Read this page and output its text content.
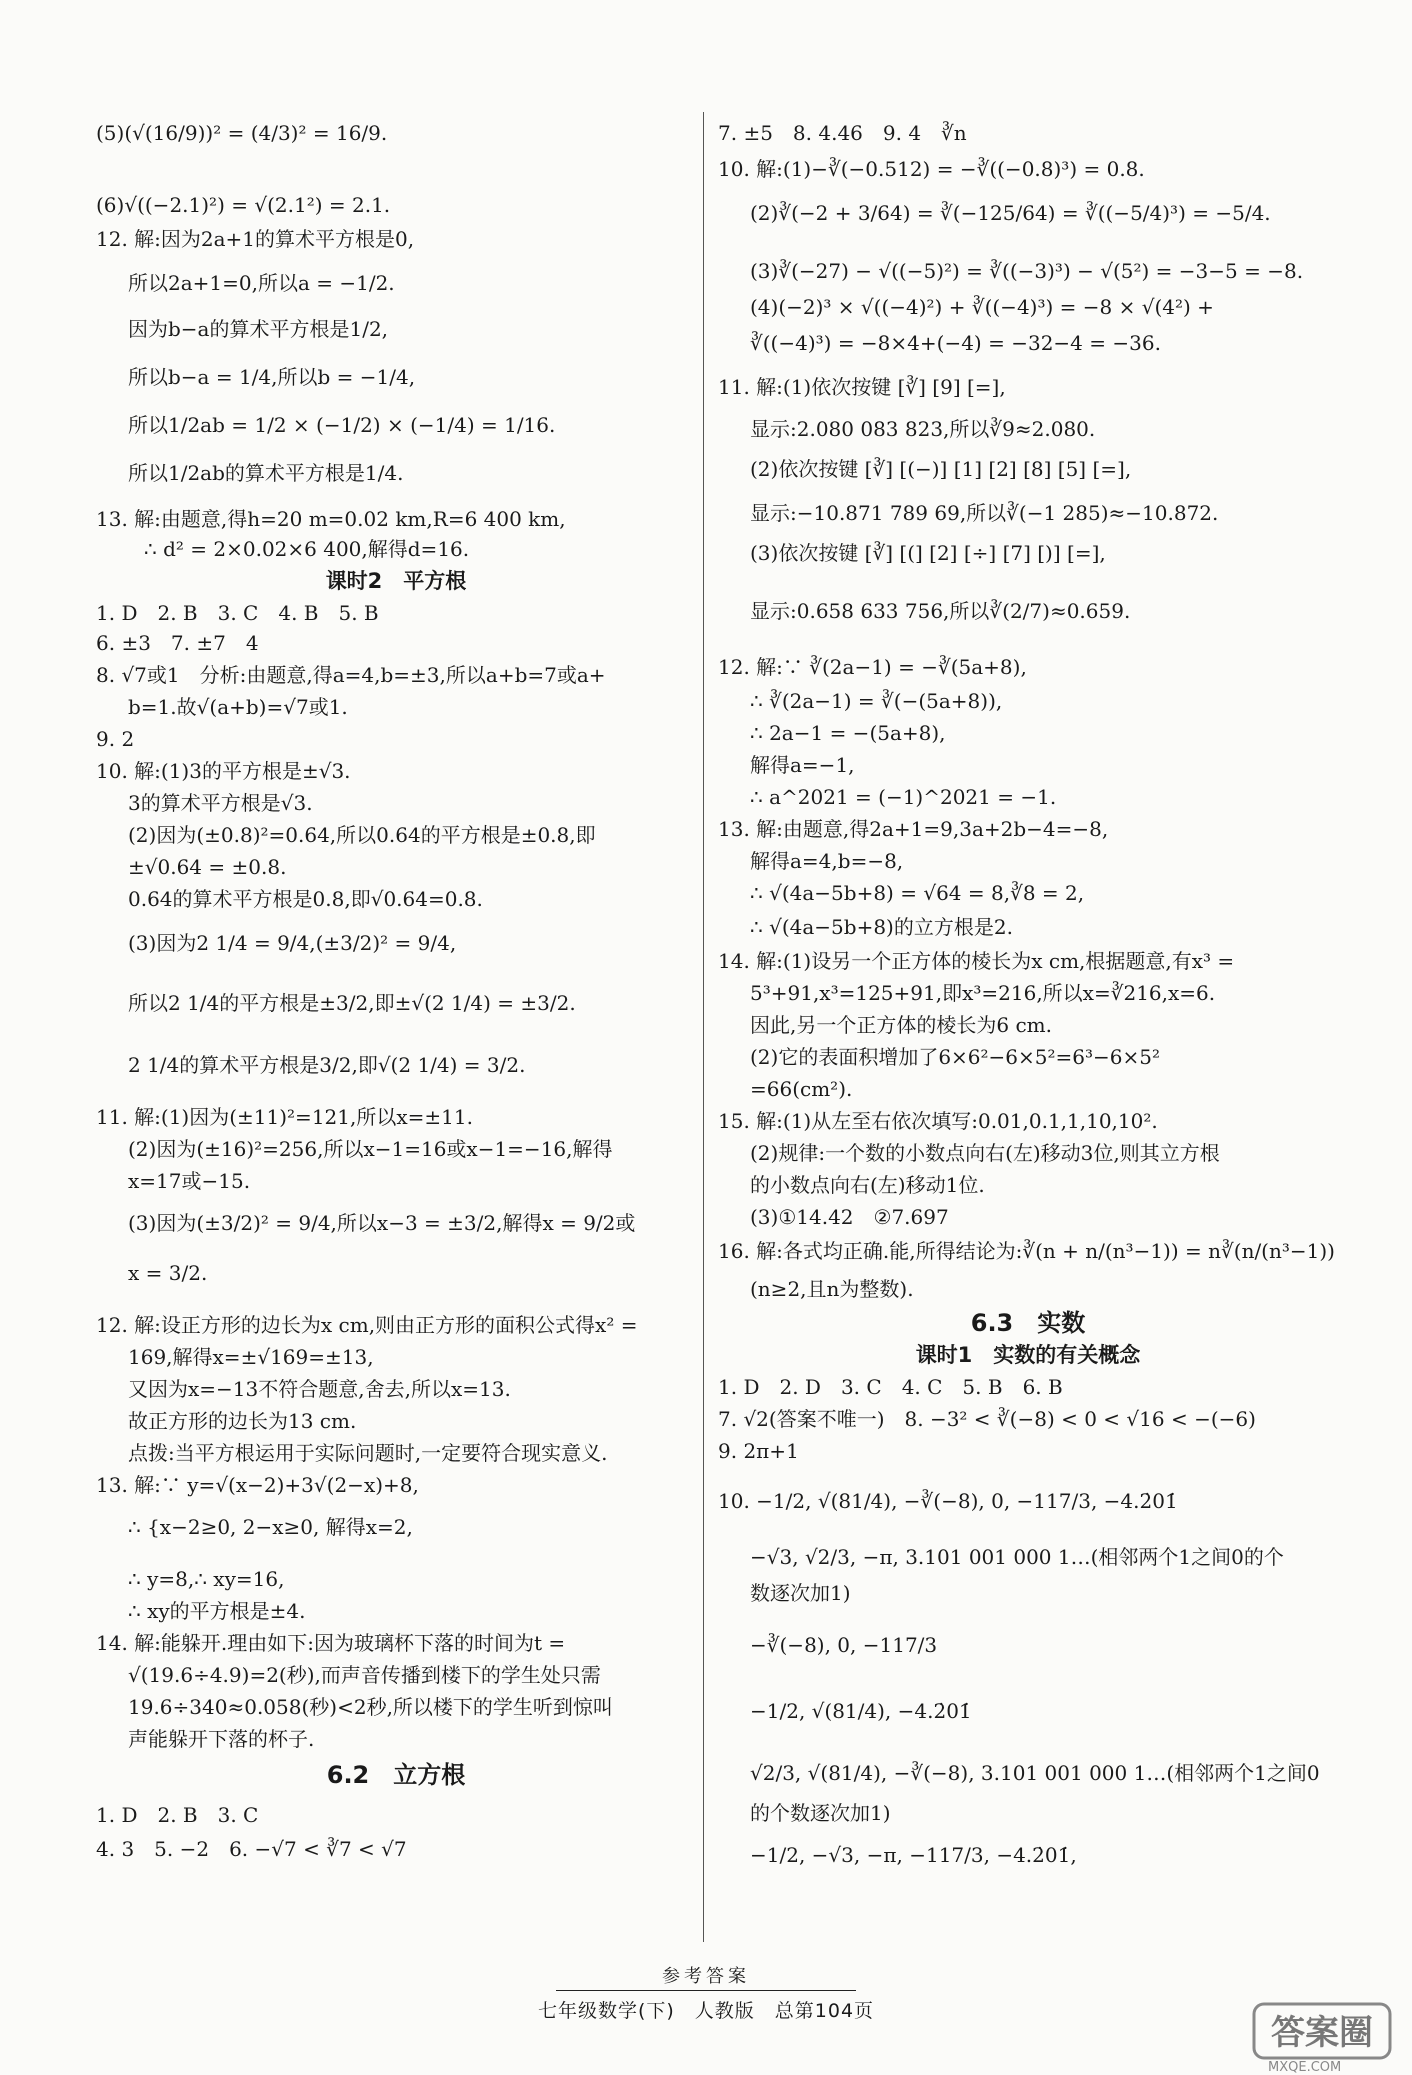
(5)(√(16/9))² = (4/3)² = 16/9.
(6)√((−2.1)²) = √(2.1²) = 2.1.
12. 解:因为2a+1的算术平方根是0,
所以2a+1=0,所以a = −1/2.
因为b−a的算术平方根是1/2,
所以b−a = 1/4,所以b = −1/4,
所以1/2ab = 1/2 × (−1/2) × (−1/4) = 1/16.
所以1/2ab的算术平方根是1/4.
13. 解:由题意,得h=20 m=0.02 km,R=6 400 km,
∴ d² = 2×0.02×6 400,解得d=16.
课时2　平方根
1. D　2. B　3. C　4. B　5. B
6. ±3　7. ±7　4
8. √7或1　分析:由题意,得a=4,b=±3,所以a+b=7或a+
b=1.故√(a+b)=√7或1.
9. 2
10. 解:(1)3的平方根是±√3.
3的算术平方根是√3.
(2)因为(±0.8)²=0.64,所以0.64的平方根是±0.8,即
±√0.64 = ±0.8.
0.64的算术平方根是0.8,即√0.64=0.8.
(3)因为2 1/4 = 9/4,(±3/2)² = 9/4,
所以2 1/4的平方根是±3/2,即±√(2 1/4) = ±3/2.
2 1/4的算术平方根是3/2,即√(2 1/4) = 3/2.
11. 解:(1)因为(±11)²=121,所以x=±11.
(2)因为(±16)²=256,所以x−1=16或x−1=−16,解得
x=17或−15.
(3)因为(±3/2)² = 9/4,所以x−3 = ±3/2,解得x = 9/2或
x = 3/2.
12. 解:设正方形的边长为x cm,则由正方形的面积公式得x² =
169,解得x=±√169=±13,
又因为x=−13不符合题意,舍去,所以x=13.
故正方形的边长为13 cm.
点拨:当平方根运用于实际问题时,一定要符合现实意义.
13. 解:∵ y=√(x−2)+3√(2−x)+8,
∴ {x−2≥0, 2−x≥0, 解得x=2,
∴ y=8,∴ xy=16,
∴ xy的平方根是±4.
14. 解:能躲开.理由如下:因为玻璃杯下落的时间为t =
√(19.6÷4.9)=2(秒),而声音传播到楼下的学生处只需
19.6÷340≈0.058(秒)<2秒,所以楼下的学生听到惊叫
声能躲开下落的杯子.
6.2　立方根
1. D　2. B　3. C
4. 3　5. −2　6. −√7 < ∛7 < √7
7. ±5　8. 4.46　9. 4　∛n
10. 解:(1)−∛(−0.512) = −∛((−0.8)³) = 0.8.
(2)∛(−2 + 3/64) = ∛(−125/64) = ∛((−5/4)³) = −5/4.
(3)∛(−27) − √((−5)²) = ∛((−3)³) − √(5²) = −3−5 = −8.
(4)(−2)³ × √((−4)²) + ∛((−4)³) = −8 × √(4²) +
∛((−4)³) = −8×4+(−4) = −32−4 = −36.
11. 解:(1)依次按键 [∛] [9] [=],
显示:2.080 083 823,所以∛9≈2.080.
(2)依次按键 [∛] [(−)] [1] [2] [8] [5] [=],
显示:−10.871 789 69,所以∛(−1 285)≈−10.872.
(3)依次按键 [∛] [(] [2] [÷] [7] [)] [=],
显示:0.658 633 756,所以∛(2/7)≈0.659.
12. 解:∵ ∛(2a−1) = −∛(5a+8),
∴ ∛(2a−1) = ∛(−(5a+8)),
∴ 2a−1 = −(5a+8),
解得a=−1,
∴ a^2021 = (−1)^2021 = −1.
13. 解:由题意,得2a+1=9,3a+2b−4=−8,
解得a=4,b=−8,
∴ √(4a−5b+8) = √64 = 8,∛8 = 2,
∴ √(4a−5b+8)的立方根是2.
14. 解:(1)设另一个正方体的棱长为x cm,根据题意,有x³ =
5³+91,x³=125+91,即x³=216,所以x=∛216,x=6.
因此,另一个正方体的棱长为6 cm.
(2)它的表面积增加了6×6²−6×5²=6³−6×5²
=66(cm²).
15. 解:(1)从左至右依次填写:0.01,0.1,1,10,10².
(2)规律:一个数的小数点向右(左)移动3位,则其立方根
的小数点向右(左)移动1位.
(3)①14.42　②7.697
16. 解:各式均正确.能,所得结论为:∛(n + n/(n³−1)) = n∛(n/(n³−1))
(n≥2,且n为整数).
6.3　实数
课时1　实数的有关概念
1. D　2. D　3. C　4. C　5. B　6. B
7. √2(答案不唯一)　8. −3² < ∛(−8) < 0 < √16 < −(−6)
9. 2π+1
10. −1/2, √(81/4), −∛(−8), 0, −117/3, −4.2̇01̇
−√3, √2/3, −π, 3.101 001 000 1…(相邻两个1之间0的个
数逐次加1)
−∛(−8), 0, −117/3
−1/2, √(81/4), −4.2̇01̇
√2/3, √(81/4), −∛(−8), 3.101 001 000 1…(相邻两个1之间0
的个数逐次加1)
−1/2, −√3, −π, −117/3, −4.2̇01̇,
参考答案
七年级数学(下)　人教版　总第104页
答案圈
MXQE.COM
